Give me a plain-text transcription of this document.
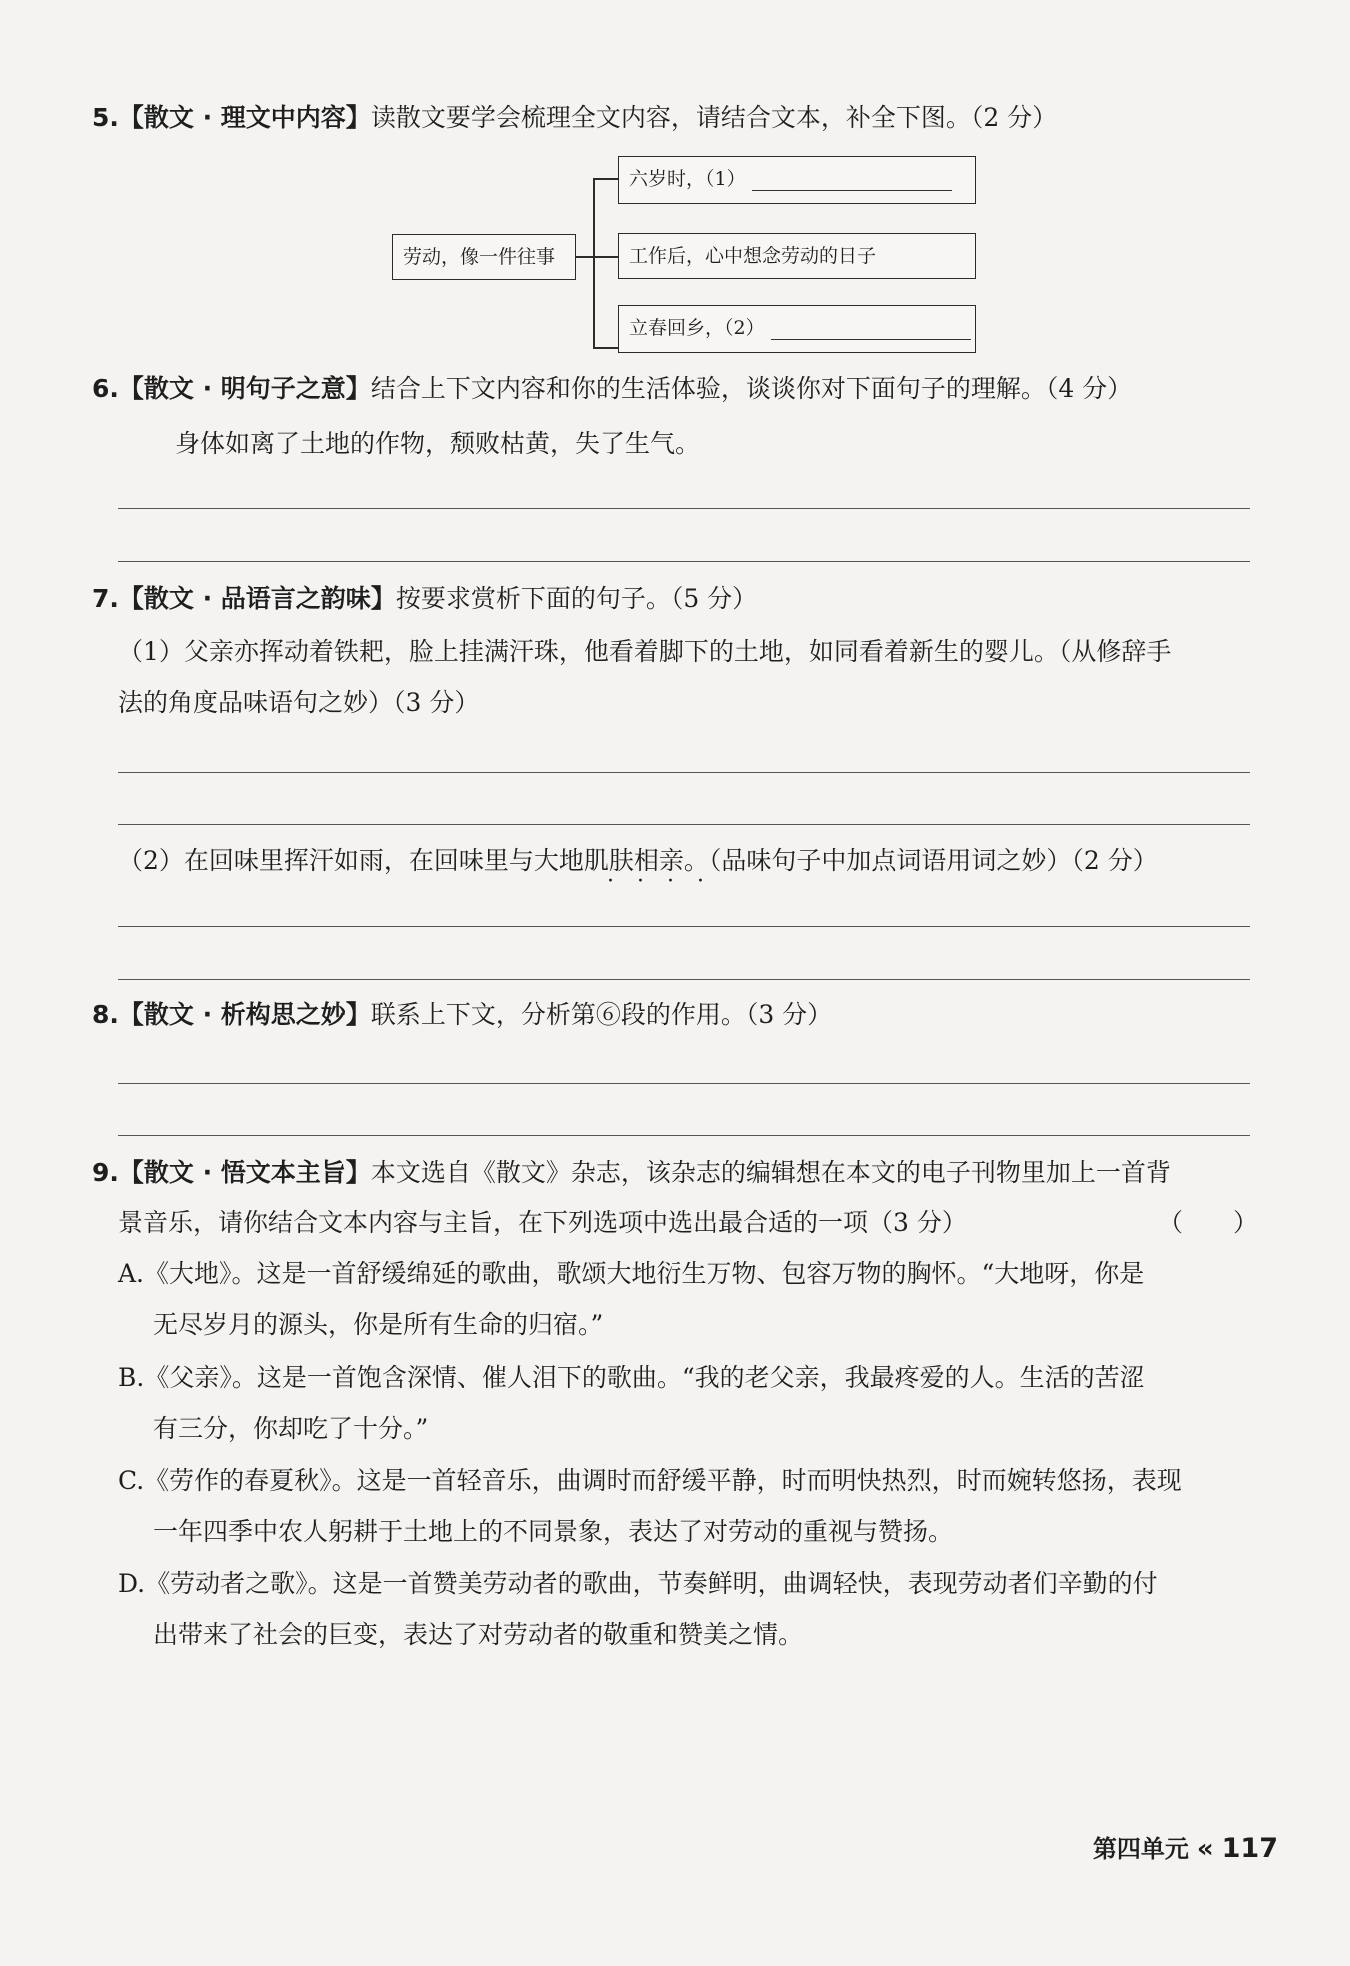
5.【散文 · 理文中内容】读散文要学会梳理全文内容，请结合文本，补全下图。（2 分）
劳动，像一件往事
六岁时，（1）
工作后，心中想念劳动的日子
立春回乡，（2）
6.【散文 · 明句子之意】结合上下文内容和你的生活体验，谈谈你对下面句子的理解。（4 分）
身体如离了土地的作物，颓败枯黄，失了生气。
7.【散文 · 品语言之韵味】按要求赏析下面的句子。（5 分）
（1）父亲亦挥动着铁耙，脸上挂满汗珠，他看着脚下的土地，如同看着新生的婴儿。（从修辞手
法的角度品味语句之妙）（3 分）
（2）在回味里挥汗如雨，在回味里与大地肌肤相亲。（品味句子中加点词语用词之妙）（2 分）
····
8.【散文 · 析构思之妙】联系上下文，分析第⑥段的作用。（3 分）
9.【散文 · 悟文本主旨】本文选自《散文》杂志，该杂志的编辑想在本文的电子刊物里加上一首背
景音乐，请你结合文本内容与主旨，在下列选项中选出最合适的一项（3 分）	（　　）
A.《大地》。这是一首舒缓绵延的歌曲，歌颂大地衍生万物、包容万物的胸怀。“大地呀，你是
无尽岁月的源头，你是所有生命的归宿。”
B.《父亲》。这是一首饱含深情、催人泪下的歌曲。“我的老父亲，我最疼爱的人。生活的苦涩
有三分，你却吃了十分。”
C.《劳作的春夏秋》。这是一首轻音乐，曲调时而舒缓平静，时而明快热烈，时而婉转悠扬，表现
一年四季中农人躬耕于土地上的不同景象，表达了对劳动的重视与赞扬。
D.《劳动者之歌》。这是一首赞美劳动者的歌曲，节奏鲜明，曲调轻快，表现劳动者们辛勤的付
出带来了社会的巨变，表达了对劳动者的敬重和赞美之情。
第四单元 « 117
